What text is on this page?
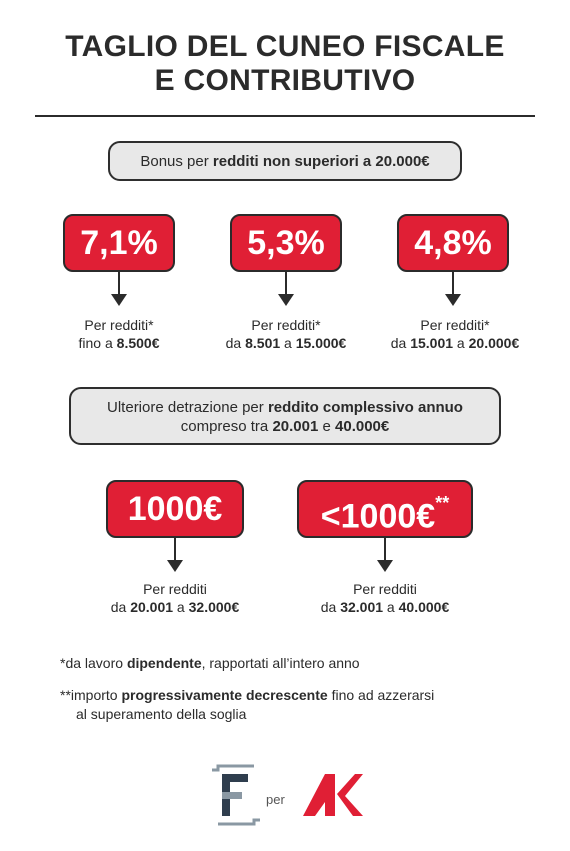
TAGLIO DEL CUNEO FISCALE
E CONTRIBUTIVO
Bonus per redditi non superiori a 20.000€
7,1%	5,3%	4,8%
Per redditi*
fino a 8.500€
Per redditi*
da 8.501 a 15.000€
Per redditi*
da 15.001 a 20.000€
Ulteriore detrazione per reddito complessivo annuo
compreso tra 20.001 e 40.000€
1000€	<1000€**
Per redditi
da 20.001 a 32.000€
Per redditi
da 32.001 a 40.000€
*da lavoro dipendente, rapportati all’intero anno
**importo progressivamente decrescente fino ad azzerarsi
al superamento della soglia
per
